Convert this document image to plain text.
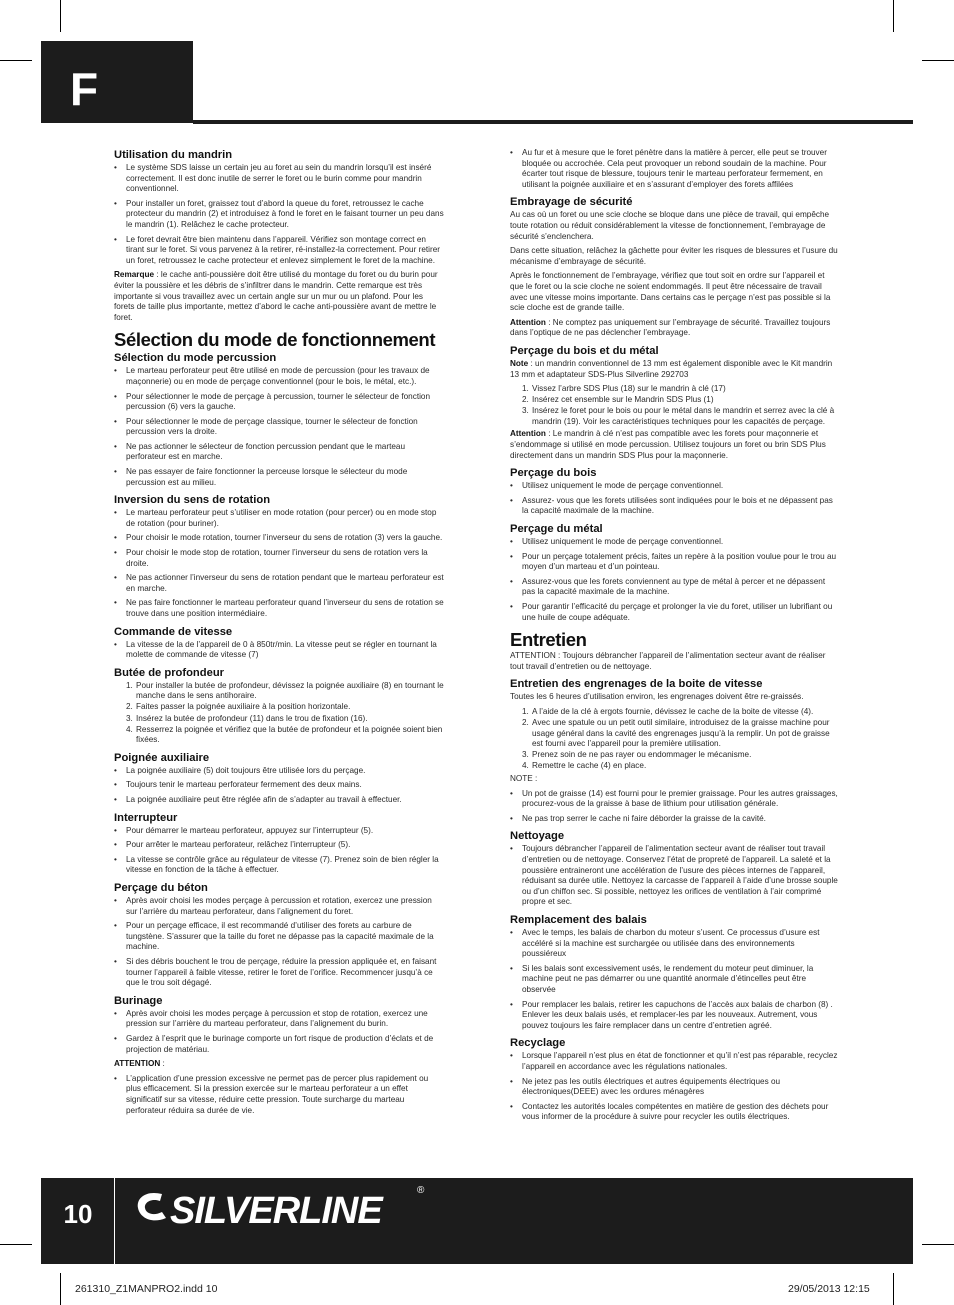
F
Utilisation du mandrin
• Le système SDS laisse un certain jeu au foret au sein du mandrin lorsqu’il est inséré correctement. Il est donc inutile de serrer le foret ou le burin comme pour mandrin conventionnel.
• Pour installer un foret, graissez tout d’abord la queue du foret, retroussez le cache protecteur du mandrin (2) et introduisez à fond le foret en le faisant tourner un peu dans le mandrin (1). Relâchez le cache protecteur.
• Le foret devrait être bien maintenu dans l’appareil. Vérifiez son montage correct en tirant sur le foret. Si vous parvenez à la retirer, ré-installez-la correctement. Pour retirer un foret, retroussez le cache protecteur et enlevez simplement le foret de la machine.

Remarque : le cache anti-poussière doit être utilisé du montage du foret ou du burin pour éviter la poussière et les débris de s’infiltrer dans le mandrin. Cette remarque est très importante si vous travaillez avec un certain angle sur un mur ou un plafond. Pour les forets de taille plus importante, mettez d’abord le cache anti-poussière avant de mettre le foret.

Sélection du mode de fonctionnement
Sélection du mode percussion
• Le marteau perforateur peut être utilisé en mode de percussion (pour les travaux de maçonnerie) ou en mode de perçage conventionnel (pour le bois, le métal, etc.).
• Pour sélectionner le mode de perçage à percussion, tourner le sélecteur de fonction percussion (6) vers la gauche.
• Pour sélectionner le mode de perçage classique, tourner le sélecteur de fonction percussion vers la droite.
• Ne pas actionner le sélecteur de fonction percussion pendant que le marteau perforateur est en marche.
• Ne pas essayer de faire fonctionner la perceuse lorsque le sélecteur du mode percussion est au milieu.
Inversion du sens de rotation
• Le marteau perforateur peut s’utiliser en mode rotation (pour percer) ou en mode stop de rotation (pour buriner).
• Pour choisir le mode rotation, tourner l’inverseur du sens de rotation (3) vers la gauche.
• Pour choisir le mode stop de rotation, tourner l’inverseur du sens de rotation vers la droite.
• Ne pas actionner l’inverseur du sens de rotation pendant que le marteau perforateur est en marche.
• Ne pas faire fonctionner le marteau perforateur quand l’inverseur du sens de rotation se trouve dans une position intermédiaire.
Commande de vitesse
• La vitesse de la de l’appareil de 0 à 850tr/min. La vitesse peut se régler en tournant la molette de commande de vitesse (7)
Butée de profondeur
1. Pour installer la butée de profondeur, dévissez la poignée auxiliaire (8) en tournant le manche dans le sens antihoraire.
2. Faites passer la poignée auxiliaire à la position horizontale.
3. Insérez la butée de profondeur (11) dans le trou de fixation (16).
4. Resserrez la poignée et vérifiez que la butée de profondeur et la poignée soient bien fixées.
Poignée auxiliaire
• La poignée auxiliaire (5) doit toujours être utilisée lors du perçage.
• Toujours tenir le marteau perforateur fermement des deux mains.
• La poignée auxiliaire peut être réglée afin de s’adapter au travail à effectuer.
Interrupteur
• Pour démarrer le marteau perforateur, appuyez sur l’interrupteur (5).
• Pour arrêter le marteau perforateur, relâchez l’interrupteur (5).
• La vitesse se contrôle grâce au régulateur de vitesse (7). Prenez soin de bien régler la vitesse en fonction de la tâche à effectuer.
Perçage du béton
• Après avoir choisi les modes perçage à percussion et rotation, exercez une pression sur l’arrière du marteau perforateur, dans l’alignement du foret.
• Pour un perçage efficace, il est recommandé d’utiliser des forets au carbure de tungstène. S’assurer que la taille du foret ne dépasse pas la capacité maximale de la machine.
• Si des débris bouchent le trou de perçage, réduire la pression appliquée et, en faisant tourner l’appareil à faible vitesse, retirer le foret de l’orifice. Recommencer jusqu’à ce que le trou soit dégagé.
Burinage
• Après avoir choisi les modes perçage à percussion et stop de rotation, exercez une pression sur l’arrière du marteau perforateur, dans l’alignement du burin.
• Gardez à l’esprit que le burinage comporte un fort risque de production d’éclats et de projection de matériau.

ATTENTION :

• L’application d’une pression excessive ne permet pas de percer plus rapidement ou plus efficacement. Si la pression exercée sur le marteau perforateur a un effet significatif sur sa vitesse, réduire cette pression. Toute surcharge du marteau perforateur réduira sa durée de vie.
• Au fur et à mesure que le foret pénètre dans la matière à percer, elle peut se trouver bloquée ou accrochée. Cela peut provoquer un rebond soudain de la machine. Pour écarter tout risque de blessure, toujours tenir le marteau perforateur fermement, en utilisant la poignée auxiliaire et en s’assurant d’employer des forets affilées
Embrayage de sécurité

Au cas où un foret ou une scie cloche se bloque dans une pièce de travail, qui empêche toute rotation ou réduit considérablement la vitesse de fonctionnement, l’embrayage de sécurité s’enclenchera.

Dans cette situation, relâchez la gâchette pour éviter les risques de blessures et l’usure du mécanisme d’embrayage de sécurité.

Après le fonctionnement de l’embrayage, vérifiez que tout soit en ordre sur l’appareil et que le foret ou la scie cloche ne soient endommagés. Il peut être nécessaire de travail avec une vitesse moins importante. Dans certains cas le perçage n’est pas possible si la scie cloche est de grande taille.

Attention : Ne comptez pas uniquement sur l’embrayage de sécurité. Travaillez toujours dans l’optique de ne pas déclencher l’embrayage.

Perçage du bois et du métal

Note : un mandrin conventionnel de 13 mm est également disponible avec le Kit mandrin 13 mm et adaptateur SDS-Plus Silverline 292703

1. Vissez l’arbre SDS Plus (18) sur le mandrin à clé (17)
2. Insérez cet ensemble sur le Mandrin SDS Plus (1)
3. Insérez le foret pour le bois ou pour le métal dans le mandrin et serrez avec la clé à mandrin (19). Voir les caractéristiques techniques pour les capacités de perçage.

Attention : Le mandrin à clé n’est pas compatible avec les forets pour maçonnerie et s’endommage si utilisé en mode percussion. Utilisez toujours un foret ou brin SDS Plus directement dans un mandrin SDS Plus pour la maçonnerie.

Perçage du bois
• Utilisez uniquement le mode de perçage conventionnel.
• Assurez- vous que les forets utilisées sont indiquées pour le bois et ne dépassent pas la capacité maximale de la machine.
Perçage du métal
• Utilisez uniquement le mode de perçage conventionnel.
• Pour un perçage totalement précis, faites un repère à la position voulue pour le trou au moyen d’un marteau et d’un pointeau.
• Assurez-vous que les forets conviennent au type de métal à percer et ne dépassent pas la capacité maximale de la machine.
• Pour garantir l’efficacité du perçage et prolonger la vie du foret, utiliser un lubrifiant ou une huile de coupe adéquate.
Entretien

ATTENTION : Toujours débrancher l’appareil de l’alimentation secteur avant de réaliser tout travail d’entretien ou de nettoyage.

Entretien des engrenages de la boite de vitesse

Toutes les 6 heures d’utilisation environ, les engrenages doivent être re-graissés.

1. A l’aide de la clé à ergots fournie, dévissez le cache de la boite de vitesse (4).
2. Avec une spatule ou un petit outil similaire, introduisez de la graisse machine pour usage général dans la cavité des engrenages jusqu’à la remplir. Un pot de graisse est fourni avec l’appareil pour la première utilisation.
3. Prenez soin de ne pas rayer ou endommager le mécanisme.
4. Remettre le cache (4) en place.

NOTE :

• Un pot de graisse (14) est fourni pour le premier graissage. Pour les autres graissages, procurez-vous de la graisse à base de lithium pour utilisation générale.
• Ne pas trop serrer le cache ni faire déborder la graisse de la cavité.
Nettoyage
• Toujours débrancher l’appareil de l’alimentation secteur avant de réaliser tout travail d’entretien ou de nettoyage. Conservez l’état de propreté de l’appareil. La saleté et la poussière entraineront une accélération de l’usure des pièces internes de l’appareil, réduisant sa durée utile. Nettoyez la carcasse de l’appareil à l’aide d’une brosse souple ou d’un chiffon sec. Si possible, nettoyez les orifices de ventilation à l’air comprimé propre et sec.
Remplacement des balais
• Avec le temps, les balais de charbon du moteur s’usent. Ce processus d’usure est accéléré si la machine est surchargée ou utilisée dans des environnements poussiéreux
• Si les balais sont excessivement usés, le rendement du moteur peut diminuer, la machine peut ne pas démarrer ou une quantité anormale d’étincelles peut être observée
• Pour remplacer les balais, retirer les capuchons de l’accès aux balais de charbon (8) . Enlever les deux balais usés, et remplacer-les par les nouveaux. Autrement, vous pouvez toujours les faire remplacer dans un centre d’entretien agréé.
Recyclage
• Lorsque l’appareil n’est plus en état de fonctionner et qu’il n’est pas réparable, recyclez l’appareil en accordance avec les régulations nationales.
• Ne jetez pas les outils électriques et autres équipements électriques ou électroniques(DEEE) avec les ordures ménagères
• Contactez les autorités locales compétentes en matière de gestion des déchets pour vous informer de la procédure à suivre pour recycler les outils électriques.
10	SILVERLINE	®
261310_Z1MANPRO2.indd 10	29/05/2013 12:15
